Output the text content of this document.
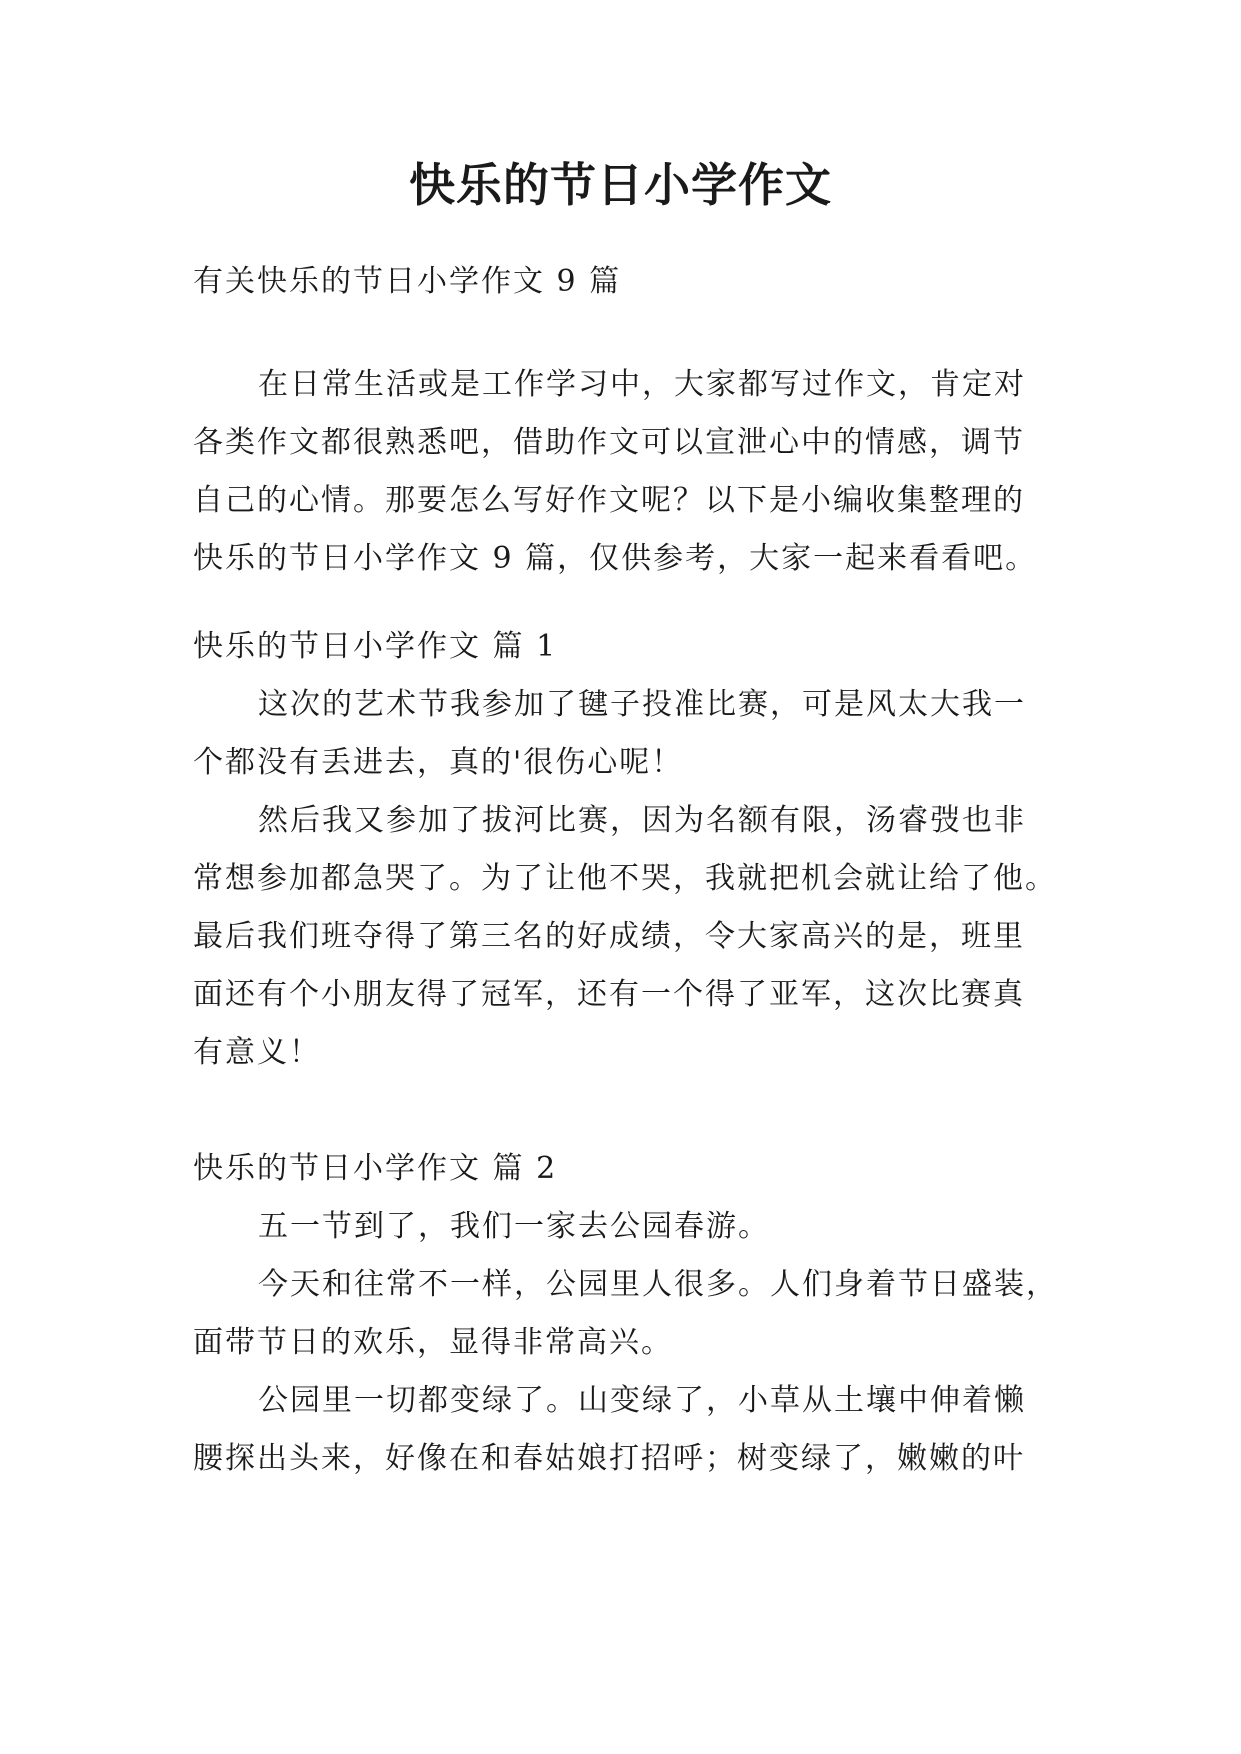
快乐的节日小学作文
有关快乐的节日小学作文 9 篇
在日常生活或是工作学习中，大家都写过作文，肯定对
各类作文都很熟悉吧，借助作文可以宣泄心中的情感，调节
自己的心情。那要怎么写好作文呢？以下是小编收集整理的
快乐的节日小学作文 9 篇，仅供参考，大家一起来看看吧。
快乐的节日小学作文 篇 1
这次的艺术节我参加了毽子投准比赛，可是风太大我一
个都没有丢进去，真的'很伤心呢！
然后我又参加了拔河比赛，因为名额有限，汤睿弢也非
常想参加都急哭了。为了让他不哭，我就把机会就让给了他。
最后我们班夺得了第三名的好成绩，令大家高兴的是，班里
面还有个小朋友得了冠军，还有一个得了亚军，这次比赛真
有意义！
快乐的节日小学作文 篇 2
五一节到了，我们一家去公园春游。
今天和往常不一样，公园里人很多。人们身着节日盛装，
面带节日的欢乐，显得非常高兴。
公园里一切都变绿了。山变绿了，小草从土壤中伸着懒
腰探出头来，好像在和春姑娘打招呼；树变绿了，嫩嫩的叶
